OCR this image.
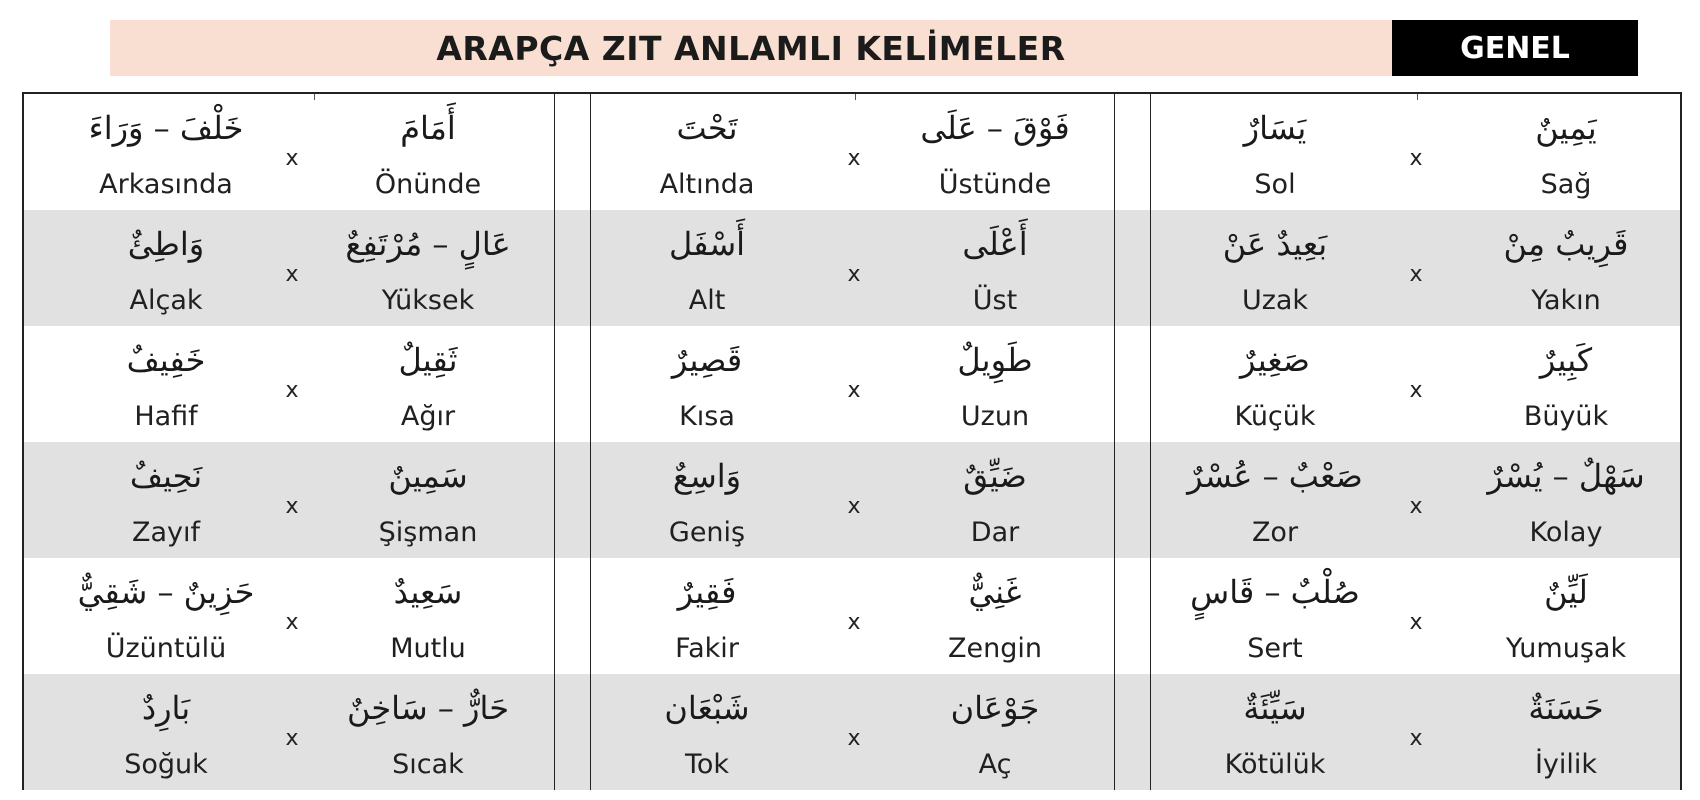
ARAPÇA ZIT ANLAMLI KELİMELER	GENEL
خَلْفَ – وَرَاءَ
Arkasında
x
أَمَامَ
Önünde
تَحْتَ
Altında
x
فَوْقَ – عَلَى
Üstünde
يَسَارٌ
Sol
x
يَمِينٌ
Sağ
وَاطِئٌ
Alçak
x
عَالٍ – مُرْتَفِعٌ
Yüksek
أَسْفَل
Alt
x
أَعْلَى
Üst
بَعِيدٌ عَنْ
Uzak
x
قَرِيبٌ مِنْ
Yakın
خَفِيفٌ
Hafif
x
ثَقِيلٌ
Ağır
قَصِيرٌ
Kısa
x
طَوِيلٌ
Uzun
صَغِيرٌ
Küçük
x
كَبِيرٌ
Büyük
نَحِيفٌ
Zayıf
x
سَمِينٌ
Şişman
وَاسِعٌ
Geniş
x
ضَيِّقٌ
Dar
صَعْبٌ – عُسْرٌ
Zor
x
سَهْلٌ – يُسْرٌ
Kolay
حَزِينٌ – شَقِيٌّ
Üzüntülü
x
سَعِيدٌ
Mutlu
فَقِيرٌ
Fakir
x
غَنِيٌّ
Zengin
صُلْبٌ – قَاسٍ
Sert
x
لَيِّنٌ
Yumuşak
بَارِدٌ
Soğuk
x
حَارٌّ – سَاخِنٌ
Sıcak
شَبْعَان
Tok
x
جَوْعَان
Aç
سَيِّئَةٌ
Kötülük
x
حَسَنَةٌ
İyilik
